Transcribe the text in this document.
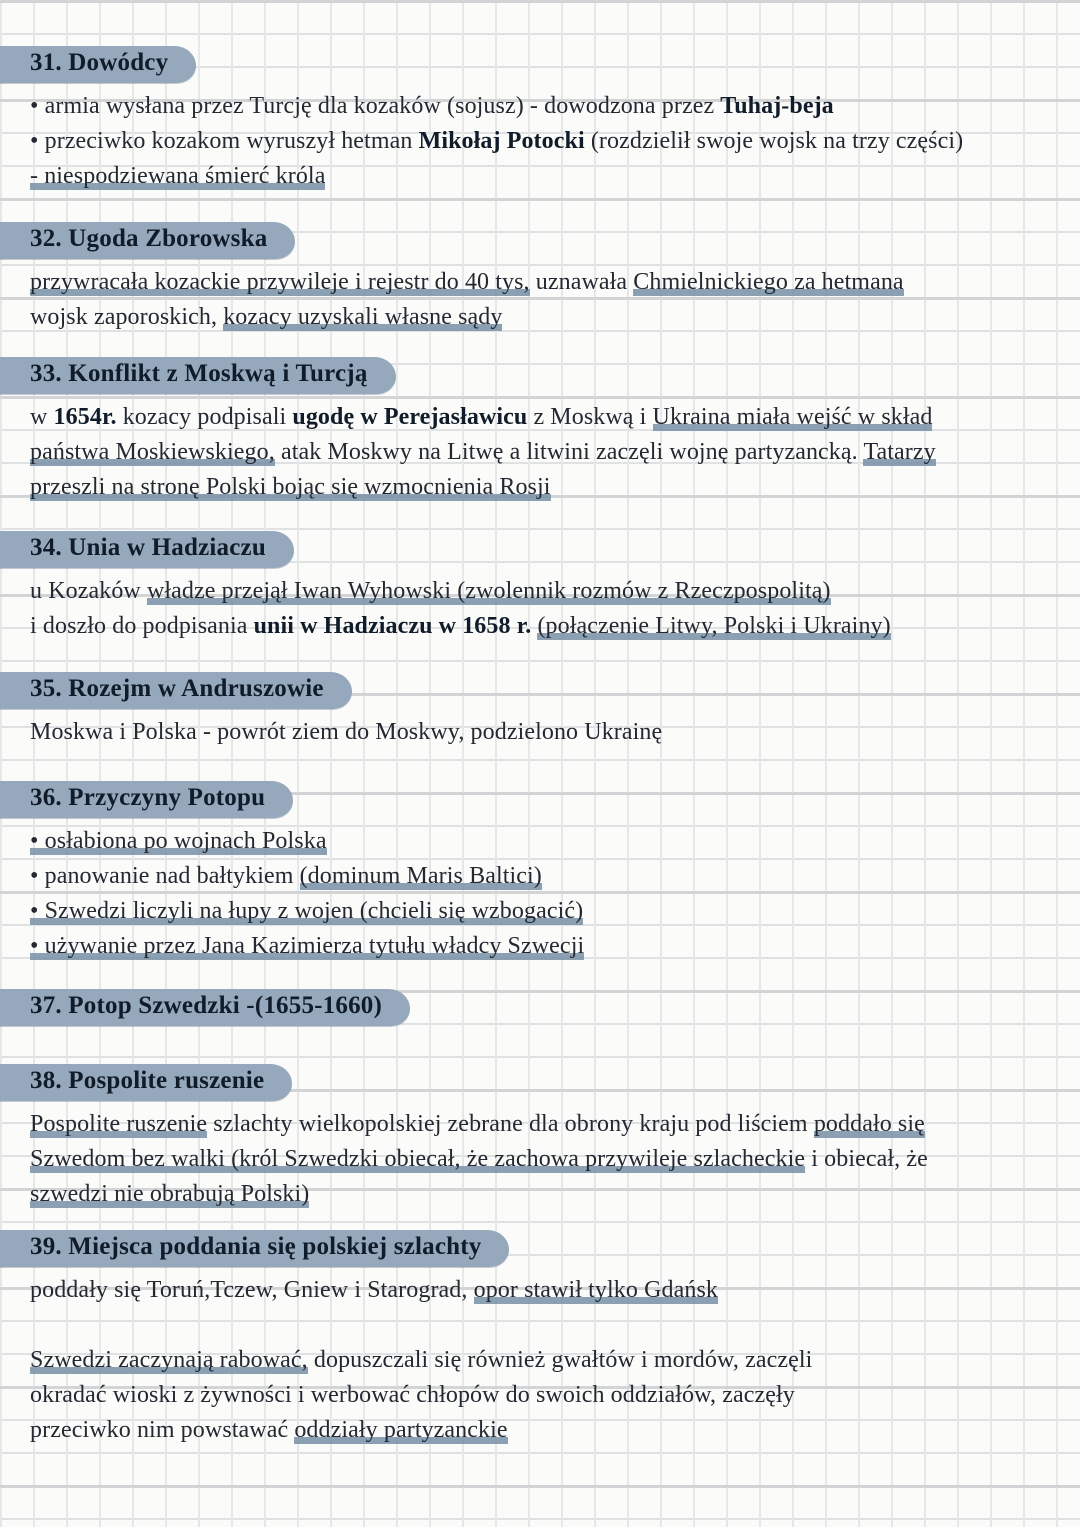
31. Dowódcy
• armia wysłana przez Turcję dla kozaków (sojusz) - dowodzona przez Tuhaj-beja
• przeciwko kozakom wyruszył hetman Mikołaj Potocki (rozdzielił swoje wojsk na trzy części)
- niespodziewana śmierć króla
32. Ugoda Zborowska
przywracała kozackie przywileje i rejestr do 40 tys, uznawała Chmielnickiego za hetmana
wojsk zaporoskich, kozacy uzyskali własne sądy
33. Konflikt z Moskwą i Turcją
w 1654r. kozacy podpisali ugodę w Perejasławicu z Moskwą i Ukraina miała wejść w skład
państwa Moskiewskiego, atak Moskwy na Litwę a litwini zaczęli wojnę partyzancką. Tatarzy
przeszli na stronę Polski bojąc się wzmocnienia Rosji
34. Unia w Hadziaczu
u Kozaków władze przejął Iwan Wyhowski (zwolennik rozmów z Rzeczpospolitą)
i doszło do podpisania unii w Hadziaczu w 1658 r. (połączenie Litwy, Polski i Ukrainy)
35. Rozejm w Andruszowie
Moskwa i Polska - powrót ziem do Moskwy, podzielono Ukrainę
36. Przyczyny Potopu
• osłabiona po wojnach Polska
• panowanie nad bałtykiem (dominum Maris Baltici)
• Szwedzi liczyli na łupy z wojen (chcieli się wzbogacić)
• używanie przez Jana Kazimierza tytułu władcy Szwecji
37. Potop Szwedzki -(1655-1660)
38. Pospolite ruszenie
Pospolite ruszenie szlachty wielkopolskiej zebrane dla obrony kraju pod liściem poddało się
Szwedom bez walki (król Szwedzki obiecał, że zachowa przywileje szlacheckie i obiecał, że
szwedzi nie obrabują Polski)
39. Miejsca poddania się polskiej szlachty
poddały się Toruń,Tczew, Gniew i Starograd, opor stawił tylko Gdańsk
Szwedzi zaczynają rabować, dopuszczali się również gwałtów i mordów, zaczęli
okradać wioski z żywności i werbować chłopów do swoich oddziałów, zaczęły
przeciwko nim powstawać oddziały partyzanckie
